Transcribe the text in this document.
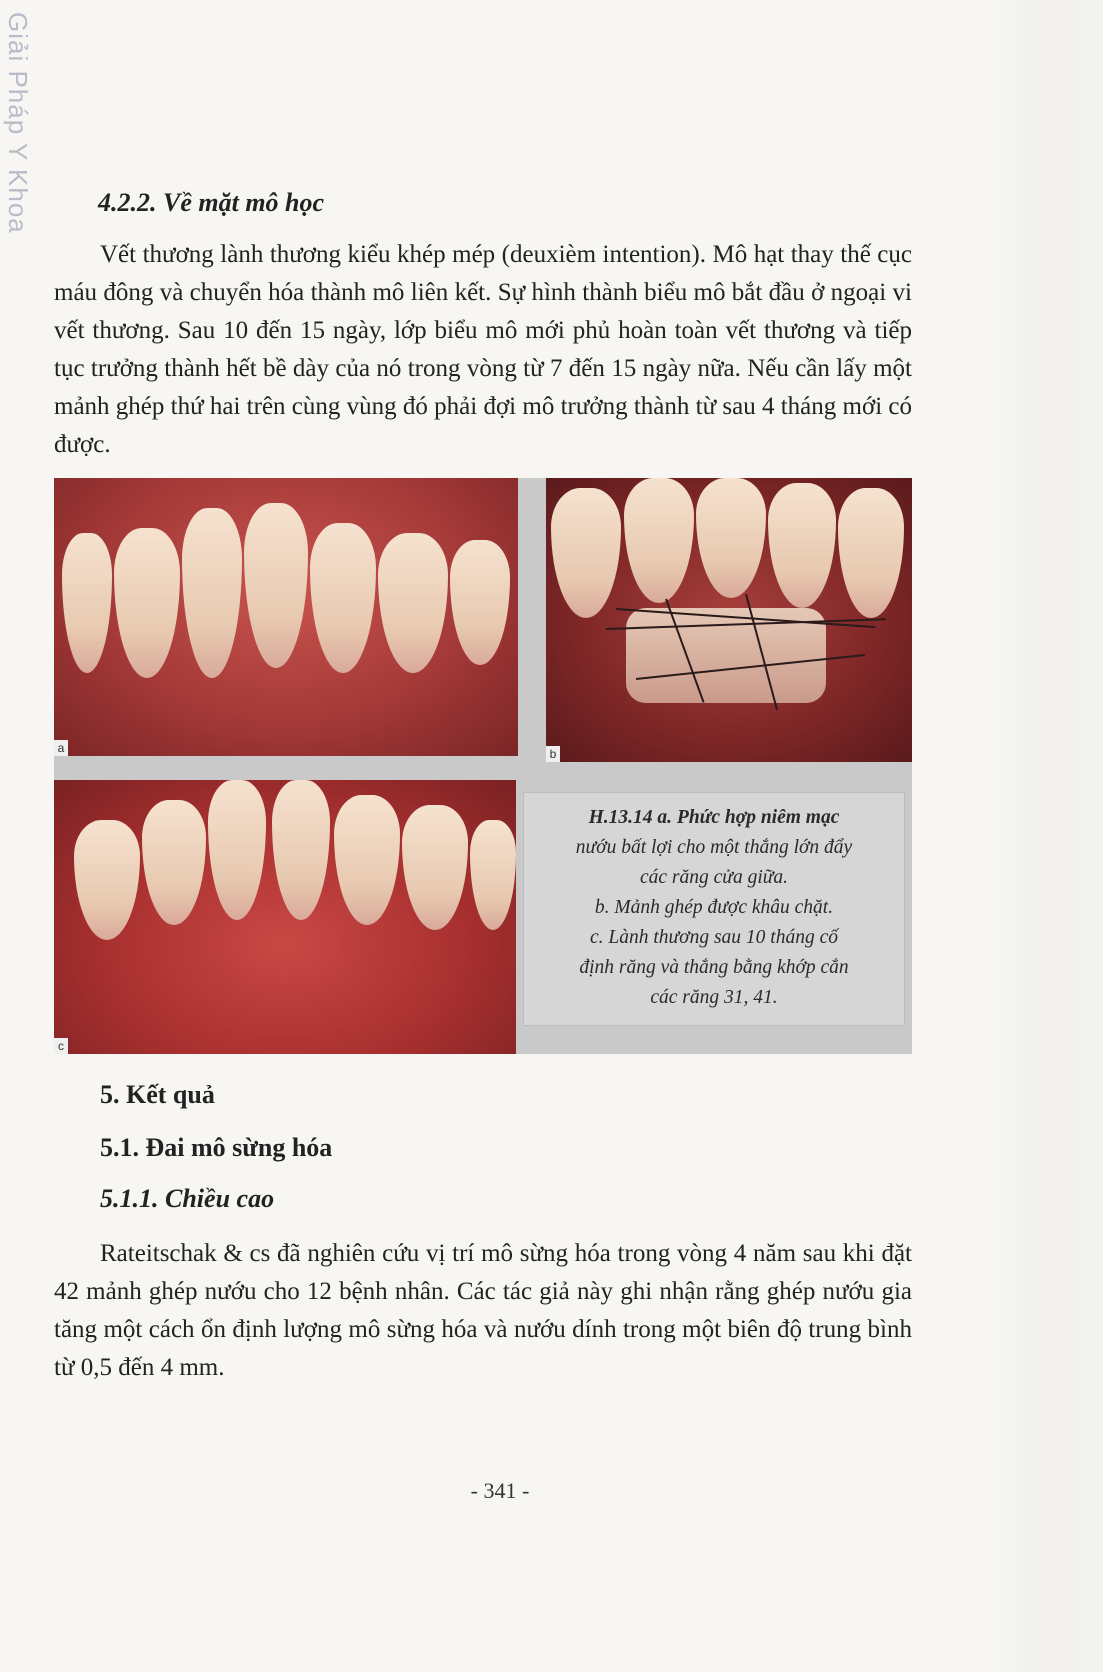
Giải Pháp Y Khoa	4.2.2. Về mặt mô học

Vết thương lành thương kiểu khép mép (deuxièm intention). Mô hạt thay thế cục máu đông và chuyển hóa thành mô liên kết. Sự hình thành biểu mô bắt đầu ở ngoại vi vết thương. Sau 10 đến 15 ngày, lớp biểu mô mới phủ hoàn toàn vết thương và tiếp tục trưởng thành hết bề dày của nó trong vòng từ 7 đến 15 ngày nữa. Nếu cần lấy một mảnh ghép thứ hai trên cùng vùng đó phải đợi mô trưởng thành từ sau 4 tháng mới có được.

a	b
c
H.13.14 a. Phức hợp niêm mạc
nướu bất lợi cho một thắng lớn đẩy
các răng cửa giữa.
b. Mảnh ghép được khâu chặt.
c. Lành thương sau 10 tháng cố
định răng và thắng bằng khớp cắn
các răng 31, 41.
5. Kết quả
5.1. Đai mô sừng hóa
5.1.1. Chiều cao

Rateitschak & cs đã nghiên cứu vị trí mô sừng hóa trong vòng 4 năm sau khi đặt 42 mảnh ghép nướu cho 12 bệnh nhân. Các tác giả này ghi nhận rằng ghép nướu gia tăng một cách ổn định lượng mô sừng hóa và nướu dính trong một biên độ trung bình từ 0,5 đến 4 mm.

- 341 -
